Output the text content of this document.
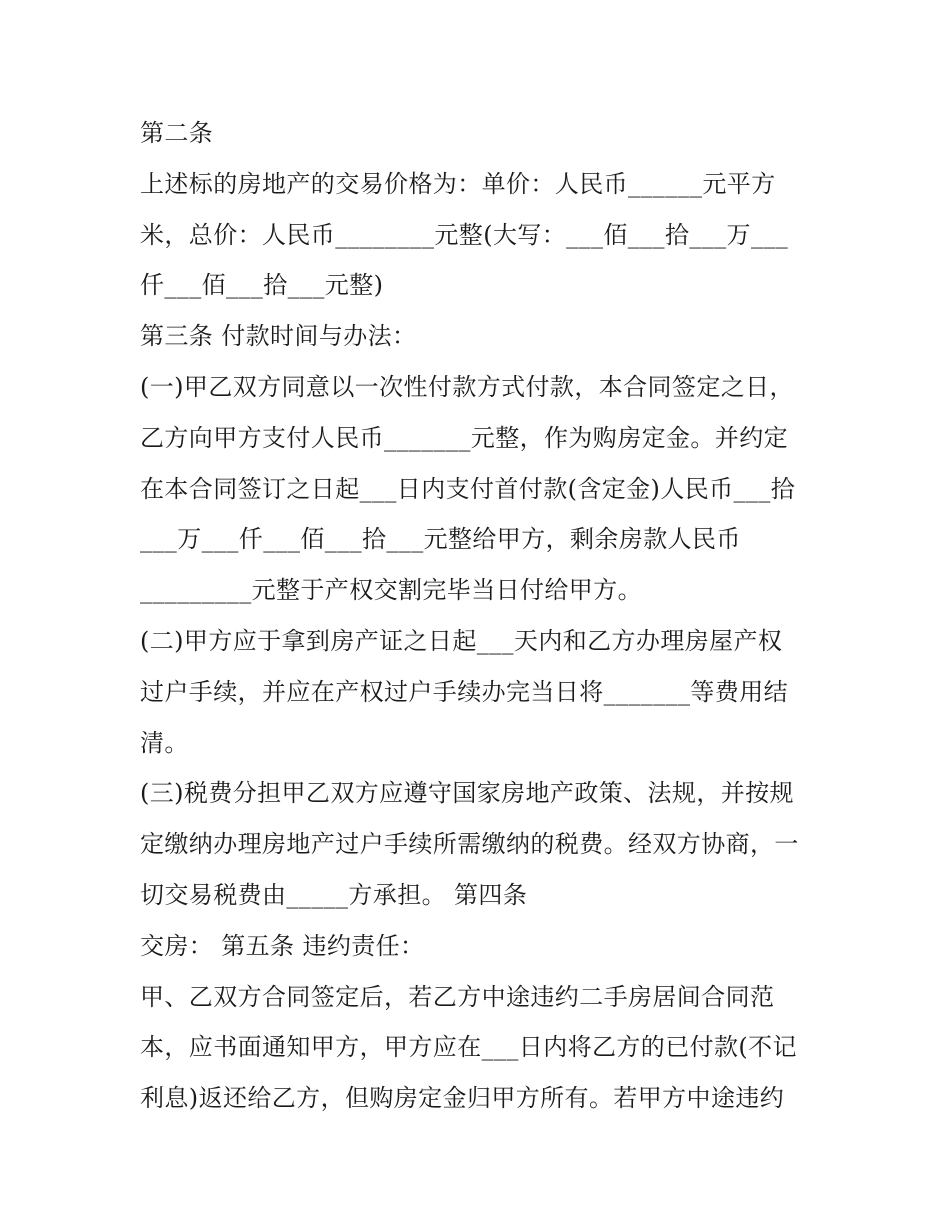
第二条
上述标的房地产的交易价格为：单价：人民币______元平方
米，总价：人民币________元整(大写：___佰___拾___万___
仟___佰___拾___元整)
第三条 付款时间与办法：
(一)甲乙双方同意以一次性付款方式付款，本合同签定之日，
乙方向甲方支付人民币_______元整，作为购房定金。并约定
在本合同签订之日起___日内支付首付款(含定金)人民币___拾
___万___仟___佰___拾___元整给甲方，剩余房款人民币
_________元整于产权交割完毕当日付给甲方。
(二)甲方应于拿到房产证之日起___天内和乙方办理房屋产权
过户手续，并应在产权过户手续办完当日将_______等费用结
清。
(三)税费分担甲乙双方应遵守国家房地产政策、法规，并按规
定缴纳办理房地产过户手续所需缴纳的税费。经双方协商，一
切交易税费由_____方承担。 第四条
交房： 第五条 违约责任：
甲、乙双方合同签定后，若乙方中途违约二手房居间合同范
本，应书面通知甲方，甲方应在___日内将乙方的已付款(不记
利息)返还给乙方，但购房定金归甲方所有。若甲方中途违约
